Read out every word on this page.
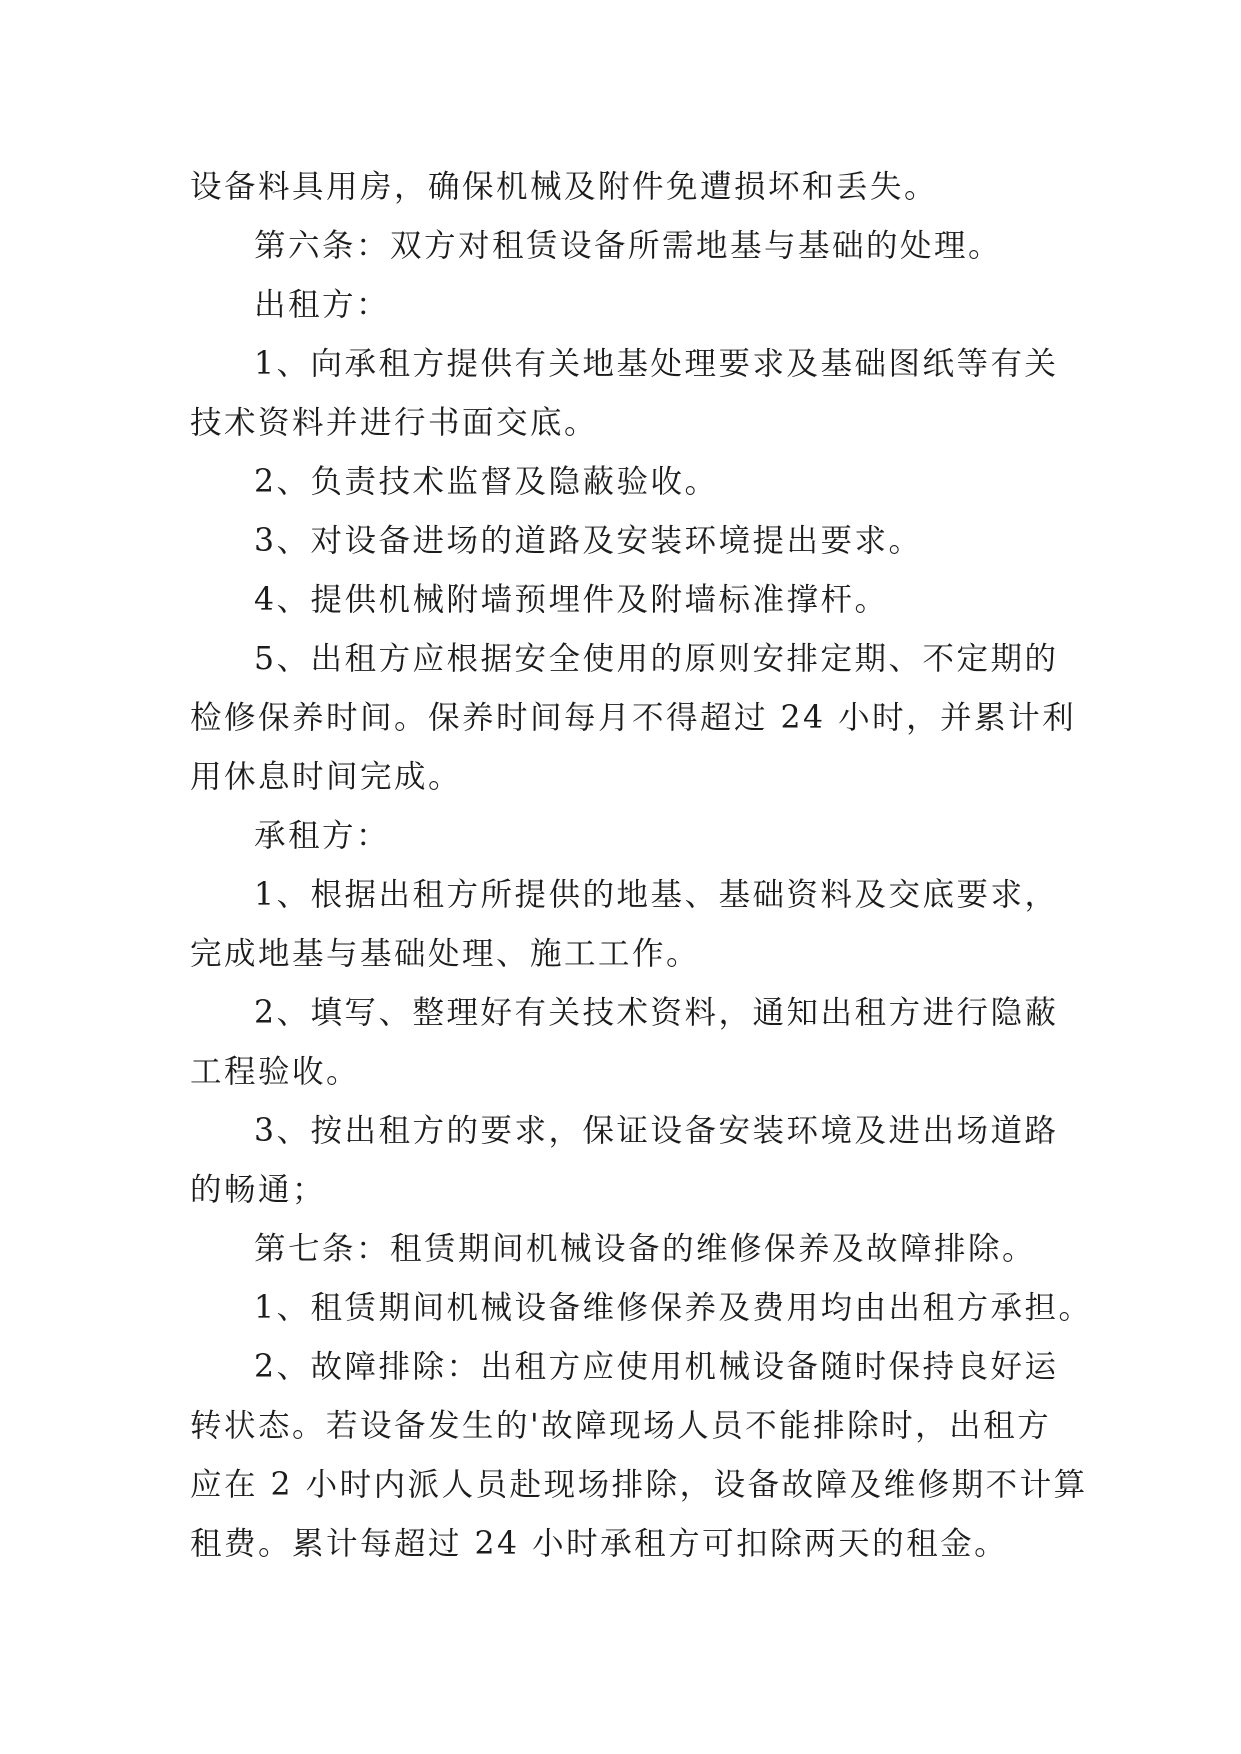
设备料具用房，确保机械及附件免遭损坏和丢失。
第六条：双方对租赁设备所需地基与基础的处理。
出租方：
1、向承租方提供有关地基处理要求及基础图纸等有关
技术资料并进行书面交底。
2、负责技术监督及隐蔽验收。
3、对设备进场的道路及安装环境提出要求。
4、提供机械附墙预埋件及附墙标准撑杆。
5、出租方应根据安全使用的原则安排定期、不定期的
检修保养时间。保养时间每月不得超过 24 小时，并累计利
用休息时间完成。
承租方：
1、根据出租方所提供的地基、基础资料及交底要求，
完成地基与基础处理、施工工作。
2、填写、整理好有关技术资料，通知出租方进行隐蔽
工程验收。
3、按出租方的要求，保证设备安装环境及进出场道路
的畅通；
第七条：租赁期间机械设备的维修保养及故障排除。
1、租赁期间机械设备维修保养及费用均由出租方承担。
2、故障排除：出租方应使用机械设备随时保持良好运
转状态。若设备发生的'故障现场人员不能排除时，出租方
应在 2 小时内派人员赴现场排除，设备故障及维修期不计算
租费。累计每超过 24 小时承租方可扣除两天的租金。
